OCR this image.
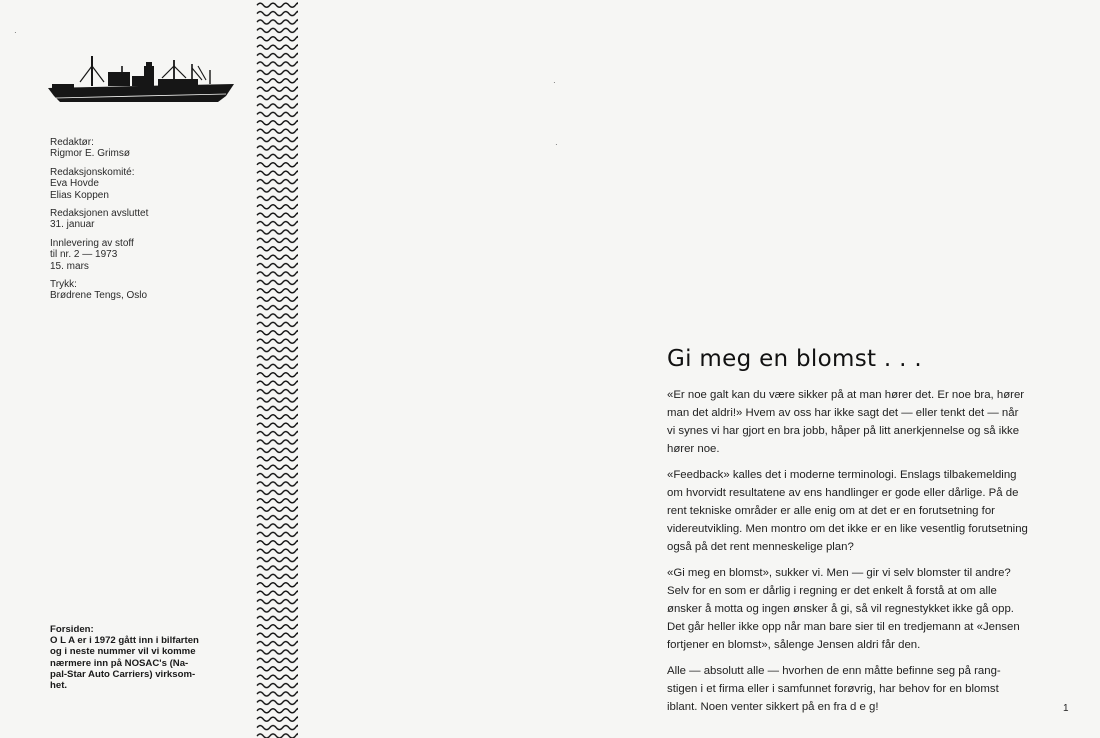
Redaktør:
Rigmor E. Grimsø
Redaksjonskomité:
Eva Hovde
Elias Koppen
Redaksjonen avsluttet
31. januar
Innlevering av stoff
til nr. 2 — 1973
15. mars
Trykk:
Brødrene Tengs, Oslo
Forsiden:
O L A er i 1972 gått inn i bilfarten
og i neste nummer vil vi komme
nærmere inn på NOSAC's (Na-
pal-Star Auto Carriers) virksom-
het.
·
·
·
Gi meg en blomst . . .

«Er noe galt kan du være sikker på at man hører det. Er noe bra, hører
man det aldri!» Hvem av oss har ikke sagt det — eller tenkt det — når
vi synes vi har gjort en bra jobb, håper på litt anerkjennelse og så ikke
hører noe.

«Feedback» kalles det i moderne terminologi. Enslags tilbakemelding
om hvorvidt resultatene av ens handlinger er gode eller dårlige. På de
rent tekniske områder er alle enig om at det er en forutsetning for
videreutvikling. Men montro om det ikke er en like vesentlig forutsetning
også på det rent menneskelige plan?

«Gi meg en blomst», sukker vi. Men — gir vi selv blomster til andre?
Selv for en som er dårlig i regning er det enkelt å forstå at om alle
ønsker å motta og ingen ønsker å gi, så vil regnestykket ikke gå opp.
Det går heller ikke opp når man bare sier til en tredjemann at «Jensen
fortjener en blomst», sålenge Jensen aldri får den.

Alle — absolutt alle — hvorhen de enn måtte befinne seg på rang-
stigen i et firma eller i samfunnet forøvrig, har behov for en blomst
iblant. Noen venter sikkert på en fra d e g!	1
